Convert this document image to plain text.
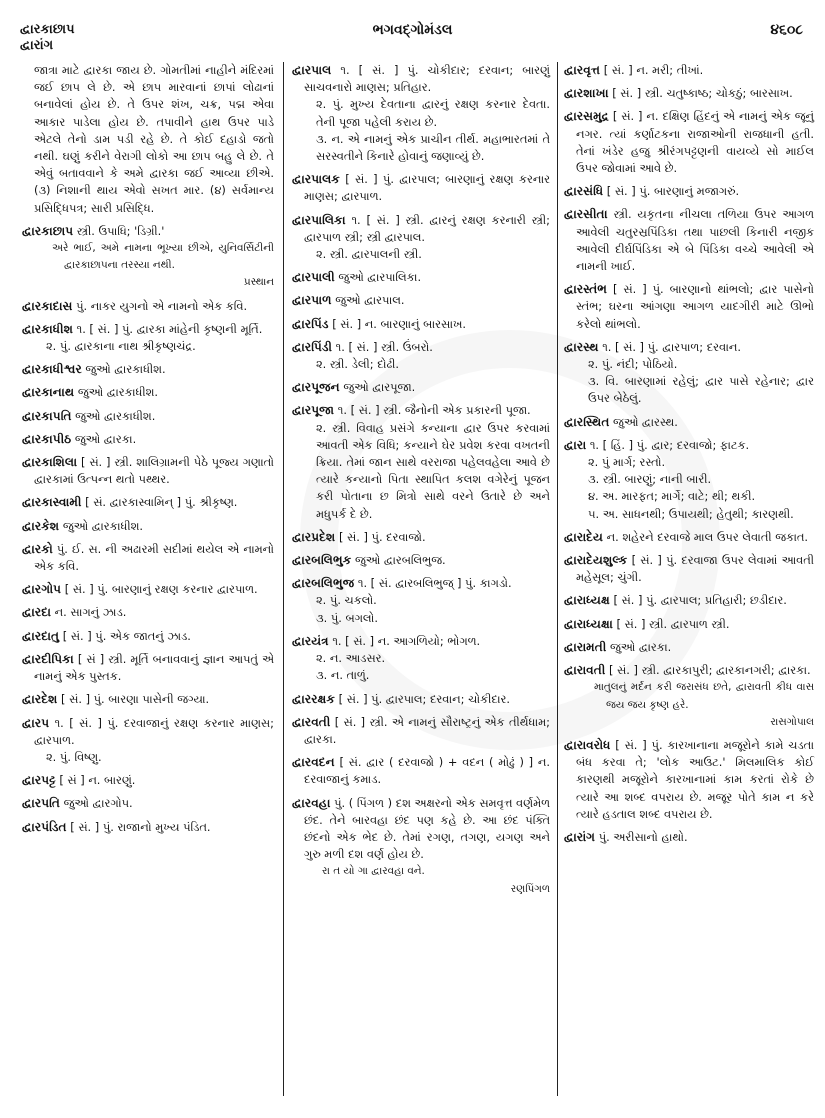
દ્વારકાછાપ
દ્વારાંગ
ભગવદ્ગોમંડલ	૪૬૦૮
જાત્રા માટે દ્વારકા જાય છે. ગોમતીમાં નાહીને મંદિરમાં જઈ છાપ લે છે. એ છાપ મારવાનાં છાપાં લોઢાનાં બનાવેલાં હોય છે. તે ઉપર શંખ, ચક્ર, પદ્મ એવા આકાર પાડેલા હોય છે. તપાવીને હાથ ઉપર પાડે એટલે તેનો ડામ પડી રહે છે. તે કોઈ દહાડો જતો નથી. ઘણું કરીને વેરાગી લોકો આ છાપ બહુ લે છે. તે એવું બતાવવાને કે અમે દ્વારકા જઈ આવ્યા છીએ. (૩) નિશાની થાય એવો સખત માર. (૪) સર્વમાન્ય પ્રસિદ્ધિપત્ર; સારી પ્રસિદ્ધિ.
દ્વારકાછાપ સ્ત્રી. ઉપાધિ; 'ડિગ્રી.'
અરે ભાઈ, અમે નામના ભૂખ્યા છીએ, યુનિવર્સિટીની દ્વારકાછાપના તરસ્યા નથી.
પ્રસ્થાન
દ્વારકાદાસ પું. નાકર યુગનો એ નામનો એક કવિ.
દ્વારકાધીશ ૧. [ સં. ] પું. દ્વારકા માંહેની કૃષ્ણની મૂર્તિ.
૨. પું. દ્વારકાના નાથ શ્રીકૃષ્ણચંદ્ર.
દ્વારકાધીશ્વર જુઓ દ્વારકાધીશ.
દ્વારકાનાથ જુઓ દ્વારકાધીશ.
દ્વારકાપતિ જુઓ દ્વારકાધીશ.
દ્વારકાપીઠ જુઓ દ્વારકા.
દ્વારકાશિલા [ સં. ] સ્ત્રી. શાલિગ્રામની પેઠે પૂજ્ય ગણાતો દ્વારકામાં ઉત્પન્ન થતો પથ્થર.
દ્વારકાસ્વામી [ સં. દ્વારકાસ્વામિન્ ] પું. શ્રીકૃષ્ણ.
દ્વારકેશ જુઓ દ્વારકાધીશ.
દ્વારકો પું. ઈ. સ. ની અઢારમી સદીમાં થયેલ એ નામનો એક કવિ.
દ્વારગોપ [ સં. ] પું. બારણાનું રક્ષણ કરનાર દ્વારપાળ.
દ્વારદા ન. સાગનું ઝાડ.
દ્વારદાતુ [ સં. ] પું. એક જાતનું ઝાડ.
દ્વારદીપિકા [ સં ] સ્ત્રી. મૂર્તિ બનાવવાનું જ્ઞાન આપતું એ નામનું એક પુસ્તક.
દ્વારદેશ [ સં. ] પું. બારણા પાસેની જગ્યા.
દ્વારપ ૧. [ સં. ] પું. દરવાજાનું રક્ષણ કરનાર માણસ; દ્વારપાળ.
૨. પું. વિષ્ણુ.
દ્વારપટ્ટ [ સં ] ન. બારણું.
દ્વારપતિ જુઓ દ્વારગોપ.
દ્વારપંડિત [ સં. ] પું. રાજાનો મુખ્ય પંડિત.
દ્વારપાલ ૧. [ સં. ] પું. ચોકીદાર; દરવાન; બારણું સાચવનારો માણસ; પ્રતિહાર.
૨. પું. મુખ્ય દેવતાના દ્વારનું રક્ષણ કરનાર દેવતા. તેની પૂજા પહેલી કરાય છે.
૩. ન. એ નામનું એક પ્રાચીન તીર્થ. મહાભારતમાં તે સરસ્વતીને કિનારે હોવાનું જણાવ્યું છે.
દ્વારપાલક [ સં. ] પું. દ્વારપાલ; બારણાનું રક્ષણ કરનાર માણસ; દ્વારપાળ.
દ્વારપાલિકા ૧. [ સં. ] સ્ત્રી. દ્વારનું રક્ષણ કરનારી સ્ત્રી; દ્વારપાળ સ્ત્રી; સ્ત્રી દ્વારપાલ.
૨. સ્ત્રી. દ્વારપાલની સ્ત્રી.
દ્વારપાલી જુઓ દ્વારપાલિકા.
દ્વારપાળ જુઓ દ્વારપાલ.
દ્વારપિંડ [ સં. ] ન. બારણાનું બારસાખ.
દ્વારપિંડી ૧. [ સં. ] સ્ત્રી. ઉંબરો.
૨. સ્ત્રી. ડેલી; દોઢી.
દ્વારપૂજન જુઓ દ્વારપૂજા.
દ્વારપૂજા ૧. [ સં. ] સ્ત્રી. જૈનોની એક પ્રકારની પૂજા.
૨. સ્ત્રી. વિવાહ પ્રસંગે કન્યાના દ્વાર ઉપર કરવામાં આવતી એક વિધિ; કન્યાને ઘેર પ્રવેશ કરવા વખતની ક્રિયા. તેમાં જાન સાથે વરરાજા પહેલવહેલા આવે છે ત્યારે કન્યાનો પિતા સ્થાપિત કલશ વગેરેનું પૂજન કરી પોતાના છ મિત્રો સાથે વરને ઉતારે છે અને મધુપર્ક દે છે.
દ્વારપ્રદેશ [ સં. ] પું. દરવાજો.
દ્વારબલિભુક જુઓ દ્વારબલિભુજ.
દ્વારબલિભુજ ૧. [ સં. દ્વારબલિભુજ્ ] પું. કાગડો.
૨. પું. ચકલો.
૩. પું. બગલો.
દ્વારયંત્ર ૧. [ સં. ] ન. આગળિયો; ભોગળ.
૨. ન. આડસર.
૩. ન. તાળું.
દ્વારરક્ષક [ સં. ] પું. દ્વારપાલ; દરવાન; ચોકીદાર.
દ્વારવતી [ સં. ] સ્ત્રી. એ નામનું સૌરાષ્ટ્રનું એક તીર્થધામ; દ્વારકા.
દ્વારવદન [ સં. દ્વાર ( દરવાજો ) + વદન ( મોઢું ) ] ન. દરવાજાનું કમાડ.
દ્વારવહા પું. ( પિંગળ ) દશ અક્ષરનો એક સમવૃત્ત વર્ણમેળ છંદ. તેને બારવહા છંદ પણ કહે છે. આ છંદ પંક્તિ છંદનો એક ભેદ છે. તેમાં રગણ, તગણ, યગણ અને ગુરુ મળી દશ વર્ણ હોય છે.
રા ત યો ગા દ્વારવહા વને.
રણપિંગળ
દ્વારવૃત્ત [ સં. ] ન. મરી; તીખાં.
દ્વારશાખા [ સં. ] સ્ત્રી. ચતુષ્કાષ્ઠ; ચોકઠું; બારસાખ.
દ્વારસમુદ્ર [ સં. ] ન. દક્ષિણ હિંદનું એ નામનું એક જૂનું નગર. ત્યાં કર્ણાટકના રાજાઓની રાજધાની હતી. તેનાં ખંડેર હજુ શ્રીરંગપટ્ટણની વાયવ્યે સો માઈલ ઉપર જોવામાં આવે છે.
દ્વારસંધિ [ સં. ] પું. બારણાનું મજાગરું.
દ્વારસીતા સ્ત્રી. યકૃતના નીચલા તળિયા ઉપર આગળ આવેલી ચતુરસ્રપિંડિકા તથા પાછલી કિનારી નજીક આવેલી દીર્ઘપિંડિકા એ બે પિંડિકા વચ્ચે આવેલી એ નામની ખાઈ.
દ્વારસ્તંભ [ સં. ] પું. બારણાનો થાંભલો; દ્વાર પાસેનો સ્તંભ; ઘરના આંગણા આગળ યાદગીરી માટે ઊભો કરેલો થાંભલો.
દ્વારસ્થ ૧. [ સં. ] પું. દ્વારપાળ; દરવાન.
૨. પું. નંદી; પોઠિયો.
૩. વિ. બારણામાં રહેલું; દ્વાર પાસે રહેનાર; દ્વાર ઉપર બેઠેલું.
દ્વારસ્થિત જુઓ દ્વારસ્થ.
દ્વારા ૧. [ હિં. ] પું. દ્વાર; દરવાજો; ફાટક.
૨. પું માર્ગ; રસ્તો.
૩. સ્ત્રી. બારણું; નાની બારી.
૪. અ. મારફત; માર્ગે; વાટે; થી; થકી.
૫. અ. સાધનથી; ઉપાયથી; હેતુથી; કારણથી.
દ્વારાદેય ન. શહેરને દરવાજે માલ ઉપર લેવાતી જકાત.
દ્વારાદેયશુલ્ક [ સં. ] પું. દરવાજા ઉપર લેવામાં આવતી મહેસૂલ; ચુંગી.
દ્વારાધ્યક્ષ [ સં. ] પું. દ્વારપાલ; પ્રતિહારી; છડીદાર.
દ્વારાધ્યક્ષા [ સં. ] સ્ત્રી. દ્વારપાળ સ્ત્રી.
દ્વારામતી જુઓ દ્વારકા.
દ્વારાવતી [ સં. ] સ્ત્રી. દ્વારકાપુરી; દ્વારકાનગરી; દ્વારકા.
માતુલનું મર્દન કરી જરાસંધ છતે, દ્વારાવતી કીધ વાસ જય જય કૃષ્ણ હરે.
રાસગોપાલ
દ્વારાવરોધ [ સં. ] પું. કારખાનાના મજૂરોને કામે ચડતા બંધ કરવા તે; 'લોક આઉટ.' મિલમાલિક કોઈ કારણથી મજૂરોને કારખાનામાં કામ કરતાં રોકે છે ત્યારે આ શબ્દ વપરાય છે. મજૂર પોતે કામ ન કરે ત્યારે હડતાલ શબ્દ વપરાય છે.
દ્વારાંગ પું. અરીસાનો હાથો.
